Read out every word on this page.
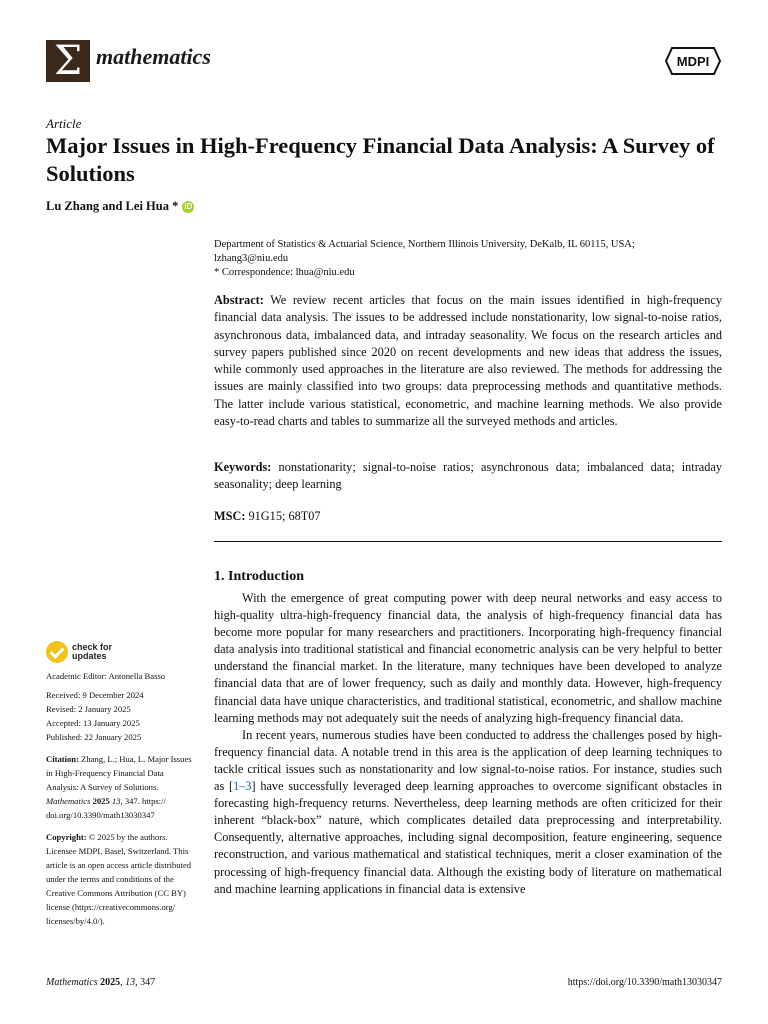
Σ mathematics	MDPI
Article
Major Issues in High-Frequency Financial Data Analysis: A Survey of Solutions
Lu Zhang and Lei Hua * iD
Department of Statistics & Actuarial Science, Northern Illinois University, DeKalb, IL 60115, USA;
lzhang3@niu.edu
* Correspondence: lhua@niu.edu
Abstract: We review recent articles that focus on the main issues identified in high-frequency financial data analysis. The issues to be addressed include nonstationarity, low signal-to-noise ratios, asynchronous data, imbalanced data, and intraday seasonality. We focus on the research articles and survey papers published since 2020 on recent developments and new ideas that address the issues, while commonly used approaches in the literature are also reviewed. The methods for addressing the issues are mainly classified into two groups: data preprocessing methods and quantitative methods. The latter include various statistical, econometric, and machine learning methods. We also provide easy-to-read charts and tables to summarize all the surveyed methods and articles.
Keywords: nonstationarity; signal-to-noise ratios; asynchronous data; imbalanced data; intraday seasonality; deep learning
MSC: 91G15; 68T07
1. Introduction

With the emergence of great computing power with deep neural networks and easy access to high-quality ultra-high-frequency financial data, the analysis of high-frequency financial data has become more popular for many researchers and practitioners. Incorporating high-frequency financial data analysis into traditional statistical and financial econometric analysis can be very helpful to better understand the financial market. In the literature, many techniques have been developed to analyze financial data that are of lower frequency, such as daily and monthly data. However, high-frequency financial data have unique characteristics, and traditional statistical, econometric, and shallow machine learning methods may not adequately suit the needs of analyzing high-frequency financial data.

In recent years, numerous studies have been conducted to address the challenges posed by high-frequency financial data. A notable trend in this area is the application of deep learning techniques to tackle critical issues such as nonstationarity and low signal-to-noise ratios. For instance, studies such as [1–3] have successfully leveraged deep learning approaches to overcome significant obstacles in forecasting high-frequency returns. Nevertheless, deep learning methods are often criticized for their inherent “black-box” nature, which complicates detailed data preprocessing and interpretability. Consequently, alternative approaches, including signal decomposition, feature engineering, sequence reconstruction, and various mathematical and statistical techniques, merit a closer examination of the processing of high-frequency financial data. Although the existing body of literature on mathematical and machine learning applications in financial data is extensive

check for
updates
Academic Editor: Antonella Basso
Received: 9 December 2024
Revised: 2 January 2025
Accepted: 13 January 2025
Published: 22 January 2025
Citation: Zhang, L.; Hua, L. Major Issues in High-Frequency Financial Data Analysis: A Survey of Solutions. Mathematics 2025 13, 347. https:// doi.org/10.3390/math13030347
Copyright: © 2025 by the authors. Licensee MDPI, Basel, Switzerland. This article is an open access article distributed under the terms and conditions of the Creative Commons Attribution (CC BY) license (https://creativecommons.org/ licenses/by/4.0/).
Mathematics 2025, 13, 347	https://doi.org/10.3390/math13030347
